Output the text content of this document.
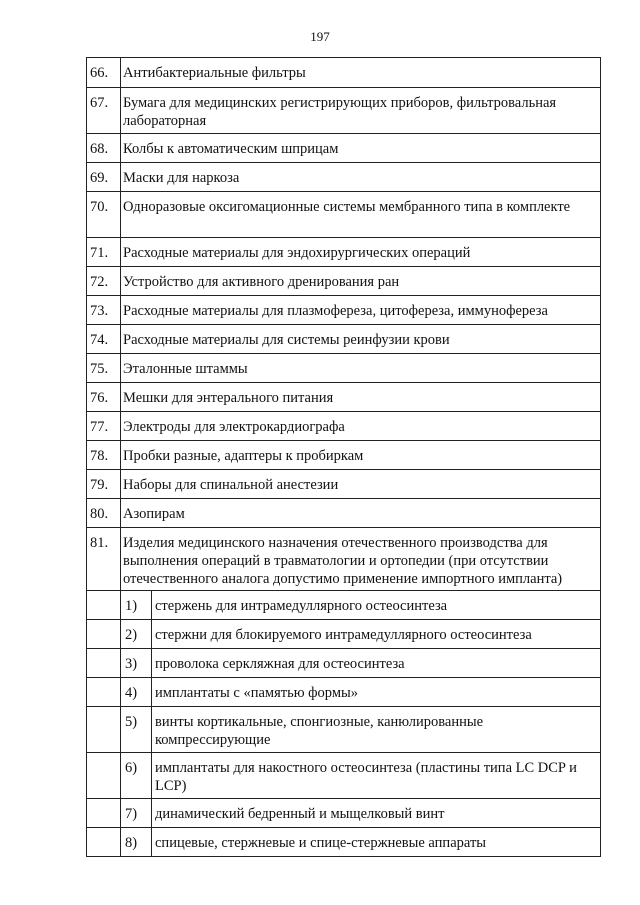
197
66.	Антибактериальные фильтры	
67.	Бумага для медицинских регистрирующих приборов, фильтровальная лабораторная	
68.	Колбы к автоматическим шприцам	
69.	Маски для наркоза	
70.	Одноразовые оксигомационные системы мембранного типа в комплекте	
71.	Расходные материалы для эндохирургических операций	
72.	Устройство для активного дренирования ран	
73.	Расходные материалы для плазмофереза, цитофереза, иммунофереза	
74.	Расходные материалы для системы реинфузии крови	
75.	Эталонные штаммы	
76.	Мешки для энтерального питания	
77.	Электроды для электрокардиографа	
78.	Пробки разные, адаптеры к пробиркам	
79.	Наборы для спинальной анестезии	
80.	Азопирам	
81.	Изделия медицинского назначения отечественного производства для выполнения операций в травматологии и ортопедии (при отсутствии отечественного аналога допустимо применение импортного импланта)	
	1)	стержень для интрамедуллярного остеосинтеза
	2)	стержни для блокируемого интрамедуллярного остеосинтеза
	3)	проволока серкляжная для остеосинтеза
	4)	имплантаты с «памятью формы»
	5)	винты кортикальные, спонгиозные, канюлированные компрессирующие
	6)	имплантаты для накостного остеосинтеза (пластины типа LC DCP и LCP)
	7)	динамический бедренный и мыщелковый винт
	8)	спицевые, стержневые и спице-стержневые аппараты
